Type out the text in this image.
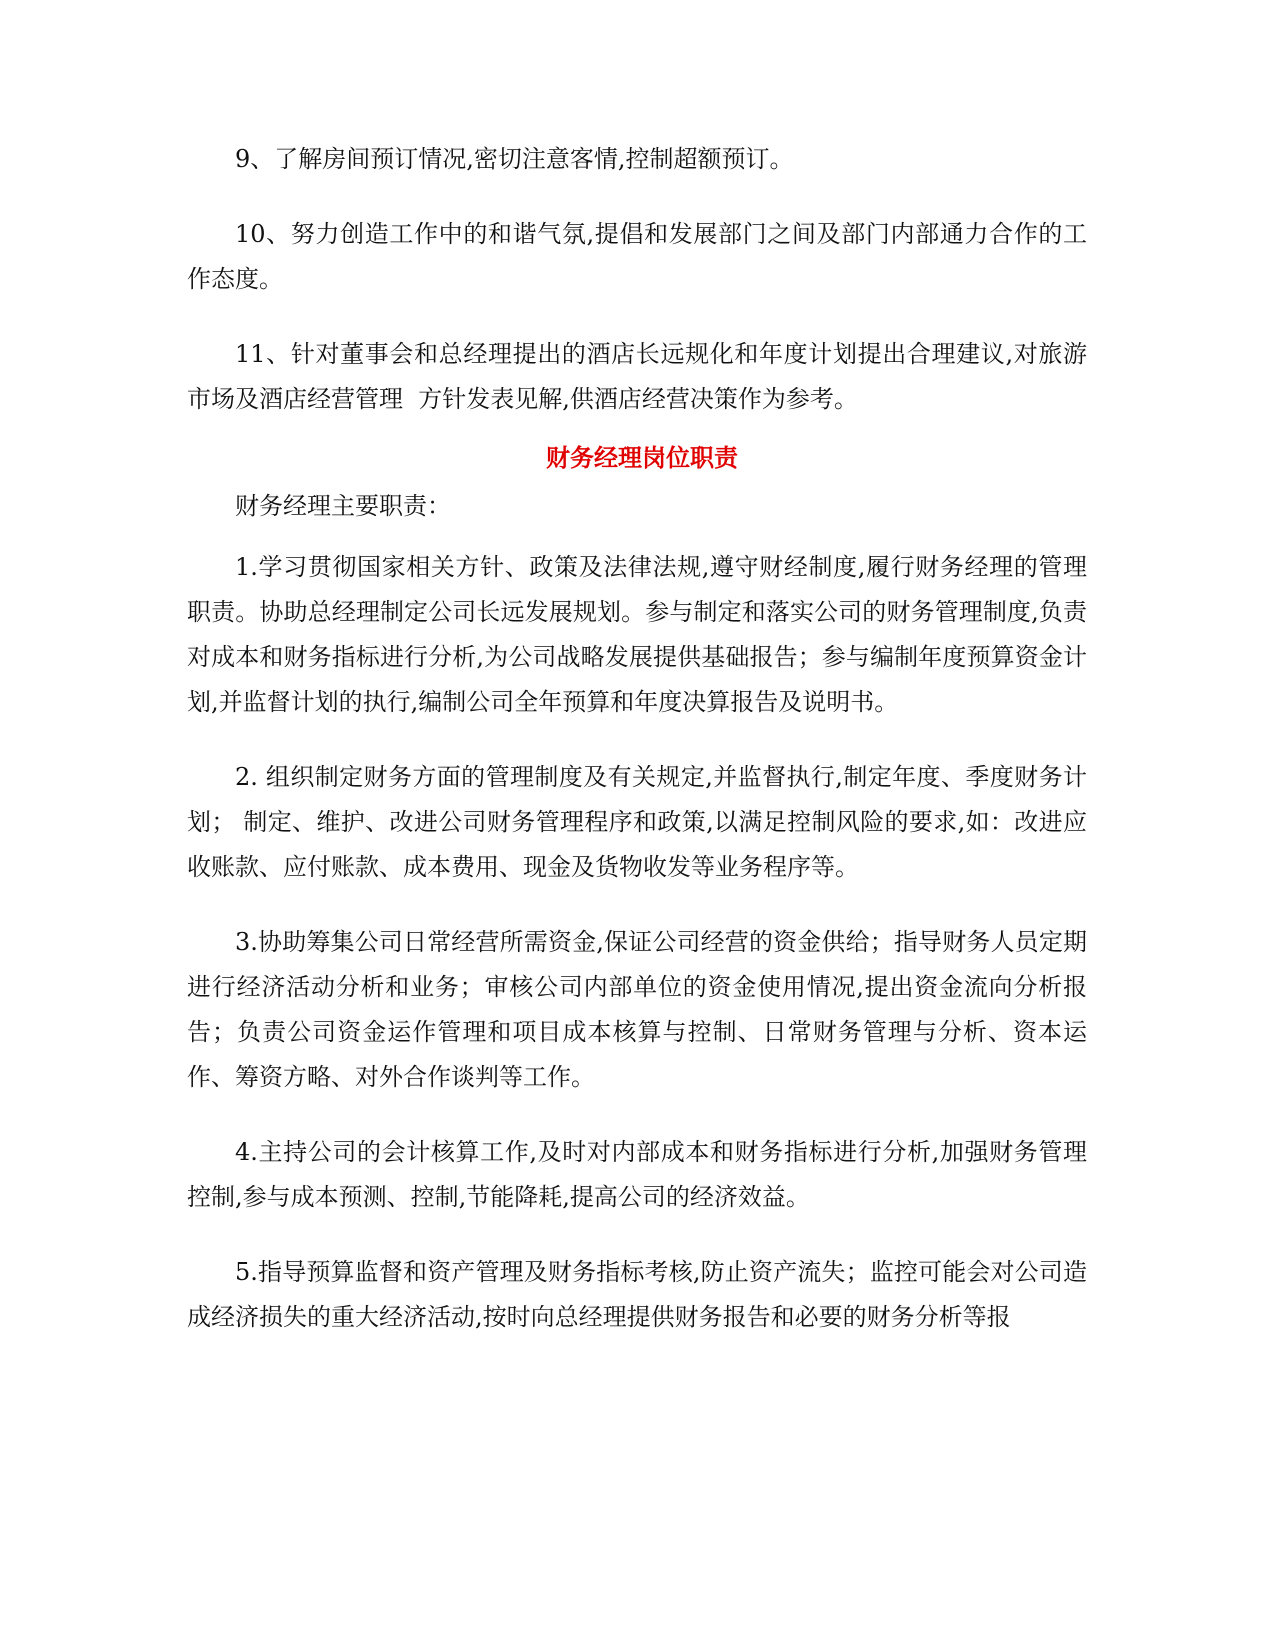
9、了解房间预订情况,密切注意客情,控制超额预订。

10、努力创造工作中的和谐气氛,提倡和发展部门之间及部门内部通力合作的工作态度。

11、针对董事会和总经理提出的酒店长远规化和年度计划提出合理建议,对旅游市场及酒店经营管理  方针发表见解,供酒店经营决策作为参考。

财务经理岗位职责

财务经理主要职责：

1.学习贯彻国家相关方针、政策及法律法规,遵守财经制度,履行财务经理的管理职责。协助总经理制定公司长远发展规划。参与制定和落实公司的财务管理制度,负责对成本和财务指标进行分析,为公司战略发展提供基础报告；参与编制年度预算资金计划,并监督计划的执行,编制公司全年预算和年度决算报告及说明书。

2. 组织制定财务方面的管理制度及有关规定,并监督执行,制定年度、季度财务计划； 制定、维护、改进公司财务管理程序和政策,以满足控制风险的要求,如：改进应收账款、应付账款、成本费用、现金及货物收发等业务程序等。

3.协助筹集公司日常经营所需资金,保证公司经营的资金供给；指导财务人员定期进行经济活动分析和业务；审核公司内部单位的资金使用情况,提出资金流向分析报告；负责公司资金运作管理和项目成本核算与控制、日常财务管理与分析、资本运作、筹资方略、对外合作谈判等工作。

4.主持公司的会计核算工作,及时对内部成本和财务指标进行分析,加强财务管理控制,参与成本预测、控制,节能降耗,提高公司的经济效益。

5.指导预算监督和资产管理及财务指标考核,防止资产流失；监控可能会对公司造成经济损失的重大经济活动,按时向总经理提供财务报告和必要的财务分析等报
